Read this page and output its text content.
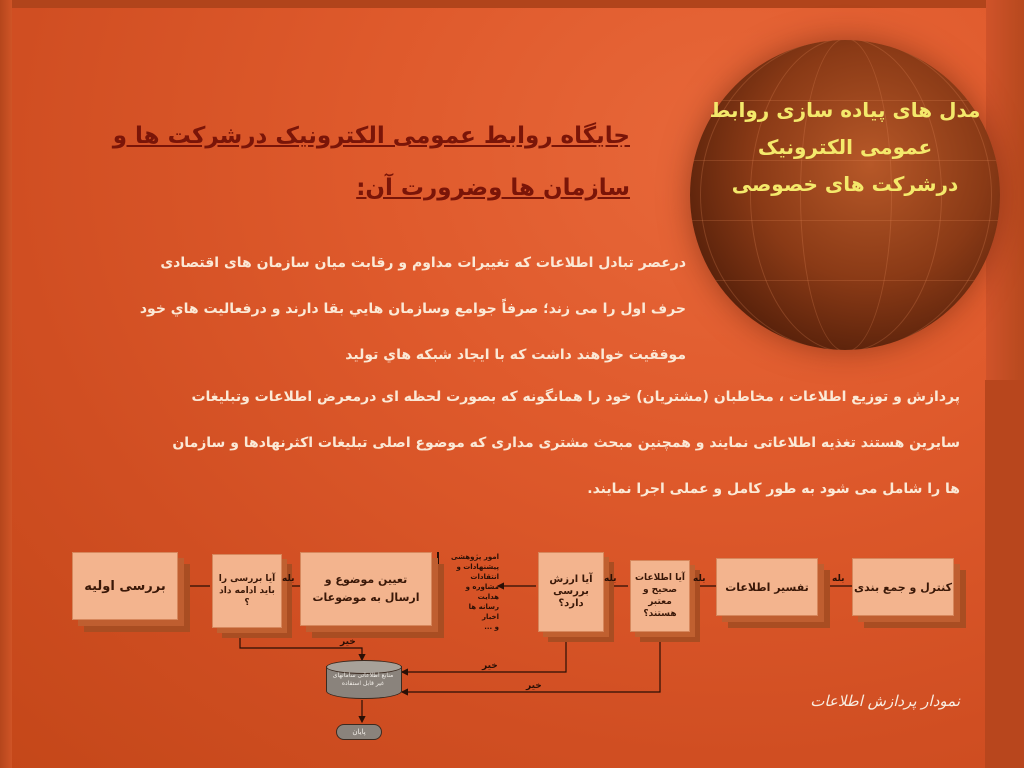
مدل های پیاده سازی روابط
عمومی الکترونیک
درشرکت های خصوصی
جایگاه روابط عمومی الکترونیک درشرکت ها و
سازمان ها وضرورت آن:
درعصر تبادل اطلاعات که تغییرات مداوم و رقابت میان سازمان های اقتصادی
حرف اول را می زند؛ صرفاً جوامع وسازمان هايي بقا دارند و درفعاليت هاي خود
موفقيت خواهند داشت که با ايجاد شبکه هاي توليد
پردازش و توزیع اطلاعات ، مخاطبان (مشتریان) خود را همانگونه که بصورت لحظه ای درمعرض اطلاعات وتبلیغات
سایرین هستند تغذیه اطلاعاتی نمایند و همچنین مبحث مشتری مداری که موضوع اصلی تبلیغات اکثرنهادها و سازمان
ها را شامل می شود به طور کامل و عملی اجرا نمایند.
کنترل و جمع بندی
تفسیر اطلاعات
آیا اطلاعات صحیح و معتبر هستند؟
آیا ارزش بررسی دارد؟
امور پژوهشی
پیشنهادات و انتقادات
مشاوره و هدایت
رسانه ها
اخبار
و ...
تعیین موضوع و ارسال به موضوعات
آیا بررسی را باید ادامه داد ؟
بررسی اولیه	بله
بله
بله
بله
خیر
خیر
خیر
منابع اطلاعاتی سامانهای غیر قابل استفاده
پایان
نمودار پردازش اطلاعات
